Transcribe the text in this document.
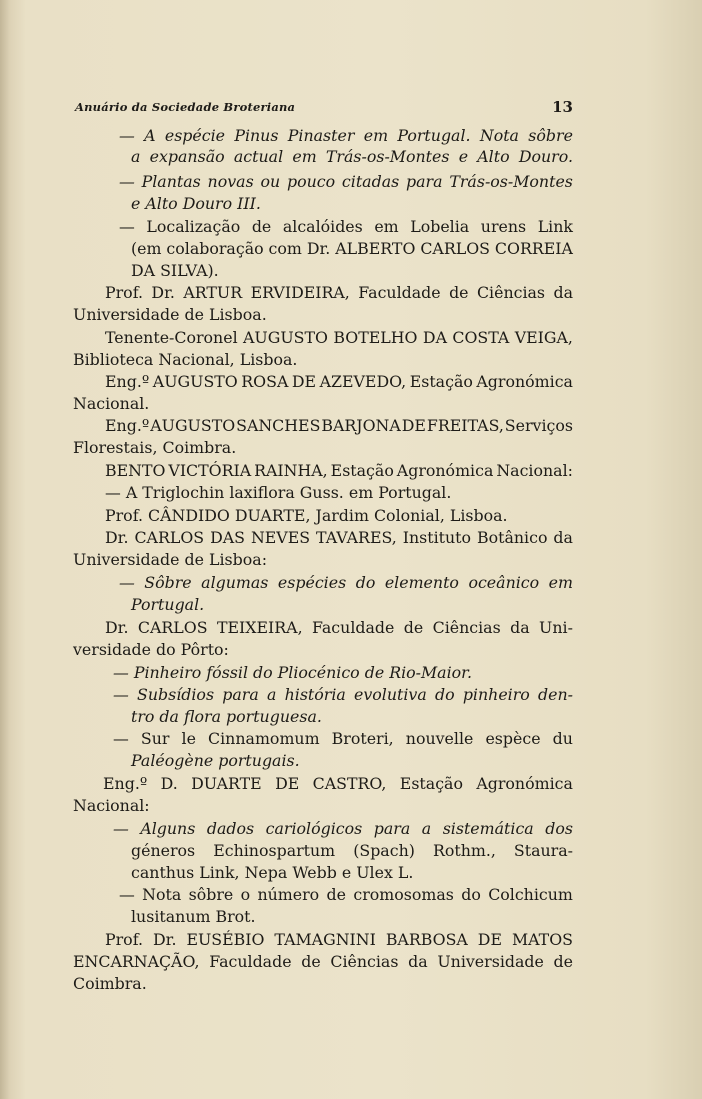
Anuário da Sociedade Broteriana	13
— A espécie Pinus Pinaster em Portugal. Nota sôbre
a expansão actual em Trás-os-Montes e Alto Douro.
— Plantas novas ou pouco citadas para Trás-os-Montes
e Alto Douro III.
— Localização de alcalóides em Lobelia urens Link
(em colaboração com Dr. ALBERTO CARLOS CORREIA
DA SILVA).
Prof. Dr. ARTUR ERVIDEIRA, Faculdade de Ciências da
Universidade de Lisboa.
Tenente-Coronel AUGUSTO BOTELHO DA COSTA VEIGA,
Biblioteca Nacional, Lisboa.
Eng.º AUGUSTO ROSA DE AZEVEDO, Estação Agronómica
Nacional.
Eng.º AUGUSTO SANCHES BARJONA DE FREITAS, Serviços
Florestais, Coimbra.
BENTO VICTÓRIA RAINHA, Estação Agronómica Nacional:
— A Triglochin laxiflora Guss. em Portugal.
Prof. CÂNDIDO DUARTE, Jardim Colonial, Lisboa.
Dr. CARLOS DAS NEVES TAVARES, Instituto Botânico da
Universidade de Lisboa:
— Sôbre algumas espécies do elemento oceânico em
Portugal.
Dr. CARLOS TEIXEIRA, Faculdade de Ciências da Uni-
versidade do Pôrto:
— Pinheiro fóssil do Pliocénico de Rio-Maior.
— Subsídios para a história evolutiva do pinheiro den-
tro da flora portuguesa.
— Sur le Cinnamomum Broteri, nouvelle espèce du
Paléogène portugais.
Eng.º D. DUARTE DE CASTRO, Estação Agronómica
Nacional:
— Alguns dados cariológicos para a sistemática dos
géneros Echinospartum (Spach) Rothm., Staura-
canthus Link, Nepa Webb e Ulex L.
— Nota sôbre o número de cromosomas do Colchicum
lusitanum Brot.
Prof. Dr. EUSÉBIO TAMAGNINI BARBOSA DE MATOS
ENCARNAÇÃO, Faculdade de Ciências da Universidade de
Coimbra.
